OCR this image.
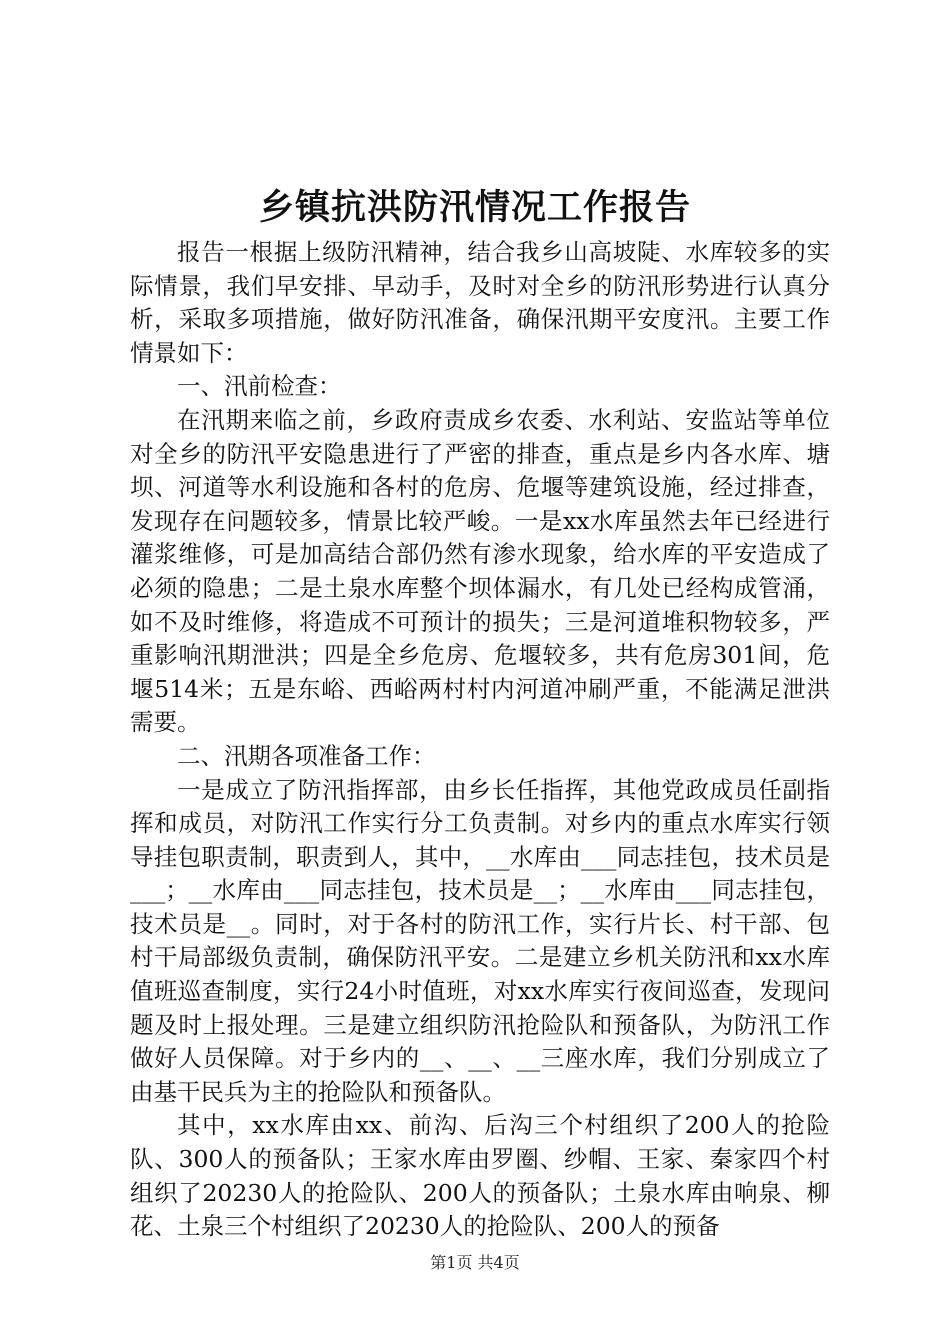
乡镇抗洪防汛情况工作报告

报告一根据上级防汛精神，结合我乡山高坡陡、水库较多的实际情景，我们早安排、早动手，及时对全乡的防汛形势进行认真分析，采取多项措施，做好防汛准备，确保汛期平安度汛。主要工作情景如下：

一、汛前检查：

在汛期来临之前，乡政府责成乡农委、水利站、安监站等单位对全乡的防汛平安隐患进行了严密的排查，重点是乡内各水库、塘坝、河道等水利设施和各村的危房、危堰等建筑设施，经过排查，发现存在问题较多，情景比较严峻。一是xx水库虽然去年已经进行灌浆维修，可是加高结合部仍然有渗水现象，给水库的平安造成了必须的隐患；二是土泉水库整个坝体漏水，有几处已经构成管涌，如不及时维修，将造成不可预计的损失；三是河道堆积物较多，严重影响汛期泄洪；四是全乡危房、危堰较多，共有危房301间，危堰514米；五是东峪、西峪两村村内河道冲刷严重，不能满足泄洪需要。

二、汛期各项准备工作：

一是成立了防汛指挥部，由乡长任指挥，其他党政成员任副指挥和成员，对防汛工作实行分工负责制。对乡内的重点水库实行领导挂包职责制，职责到人，其中，__水库由___同志挂包，技术员是___；__水库由___同志挂包，技术员是__；__水库由___同志挂包，技术员是__。同时，对于各村的防汛工作，实行片长、村干部、包村干局部级负责制，确保防汛平安。二是建立乡机关防汛和xx水库值班巡查制度，实行24小时值班，对xx水库实行夜间巡查，发现问题及时上报处理。三是建立组织防汛抢险队和预备队，为防汛工作做好人员保障。对于乡内的__、__、__三座水库，我们分别成立了由基干民兵为主的抢险队和预备队。

其中，xx水库由xx、前沟、后沟三个村组织了200人的抢险队、300人的预备队；王家水库由罗圈、纱帽、王家、秦家四个村组织了20230人的抢险队、200人的预备队；土泉水库由响泉、柳花、土泉三个村组织了20230人的抢险队、200人的预备

第1页 共4页
